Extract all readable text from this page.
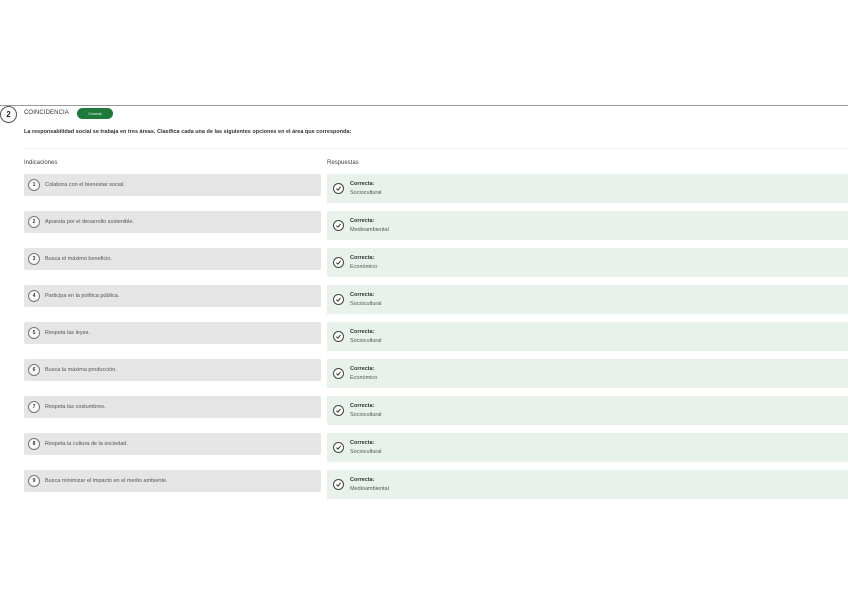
2	COINCIDENCIA	Correcto
La responsabilidad social se trabaja en tres áreas. Clasifica cada una de las siguientes opciones en el área que corresponda:
Indicaciones	Respuestas
1	Colabora con el bienestar social.	Correcta:
Sociocultural
2	Apuesta por el desarrollo sostenible.	Correcta:
Medioambiental
3	Busca el máximo beneficio.	Correcta:
Económico
4	Participa en la política pública.	Correcta:
Sociocultural
5	Respeta las leyes.	Correcta:
Sociocultural
6	Busca la máxima producción.	Correcta:
Económico
7	Respeta las costumbres.	Correcta:
Sociocultural
8	Respeta la cultura de la sociedad.	Correcta:
Sociocultural
9	Busca minimizar el impacto en el medio ambiente.	Correcta:
Medioambiental
